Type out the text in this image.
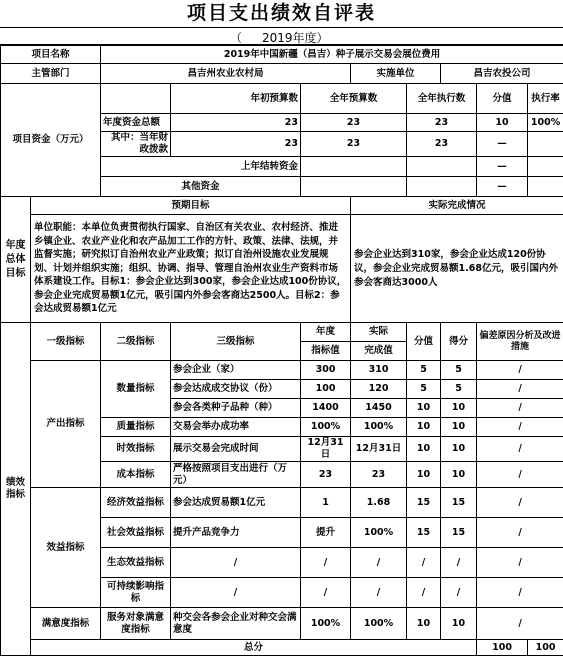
项目支出绩效自评表
（ 2019年度）
项目名称		2019年中国新疆（昌吉）种子展示交易会展位费用								
主管部门		昌吉州农业农村局			实施单位		昌吉农投公司			
项目资金（万元）			年初预算数	全年预算数		全年执行数		分值	执行率	
		年度资金总额	23	23		23		10	100%	
		其中：当年财政拨款	23	23		23		—		
		上年结转资金						—		
		其他资金						—		
年度总体目标	预期目标				实际完成情况					
	单位职能：本单位负责贯彻执行国家、自治区有关农业、农村经济、推进乡镇企业、农业产业化和农产品加工工作的方针、政策、法律、法规，并监督实施；研究拟订自治州农业产业政策；拟订自治州设施农业发展规划、计划并组织实施；组织、协调、指导、管理自治州农业生产资料市场体系建设工作。目标1：参会企业达到300家，参会企业达成100份协议，参会企业完成贸易额1亿元，吸引国内外参会客商达2500人。目标2：参会达成贸易额1亿元				参会企业达到310家，参会企业达成120份协议，参会企业完成贸易额1.68亿元，吸引国内外参会客商达3000人					
绩效指标	一级指标	二级指标	三级指标	年度	实际	分值	得分	偏差原因分析及改进措施		
				指标值	完成值					
	产出指标	数量指标	参会企业（家）	300	310	5	5	/		
			参会达成成交协议（份）	100	120	5	5	/		
			参会各类种子品种（种）	1400	1450	10	10	/		
		质量指标	交易会举办成功率	100%	100%	10	10	/		
		时效指标	展示交易会完成时间	12月31日	12月31日	10	10	/		
		成本指标	严格按照项目支出进行（万元）	23	23	10	10	/		
	效益指标	经济效益指标	参会达成贸易额1亿元	1	1.68	15	15	/		
		社会效益指标	提升产品竞争力	提升	100%	15	15	/		
		生态效益指标	/	/	/	/	/	/		
		可持续影响指标	/	/	/	/	/	/		
	满意度指标	服务对象满意度指标	种交会各参会企业对种交会满意度	100%	100%	10	10	/		
	总分							100	100	
